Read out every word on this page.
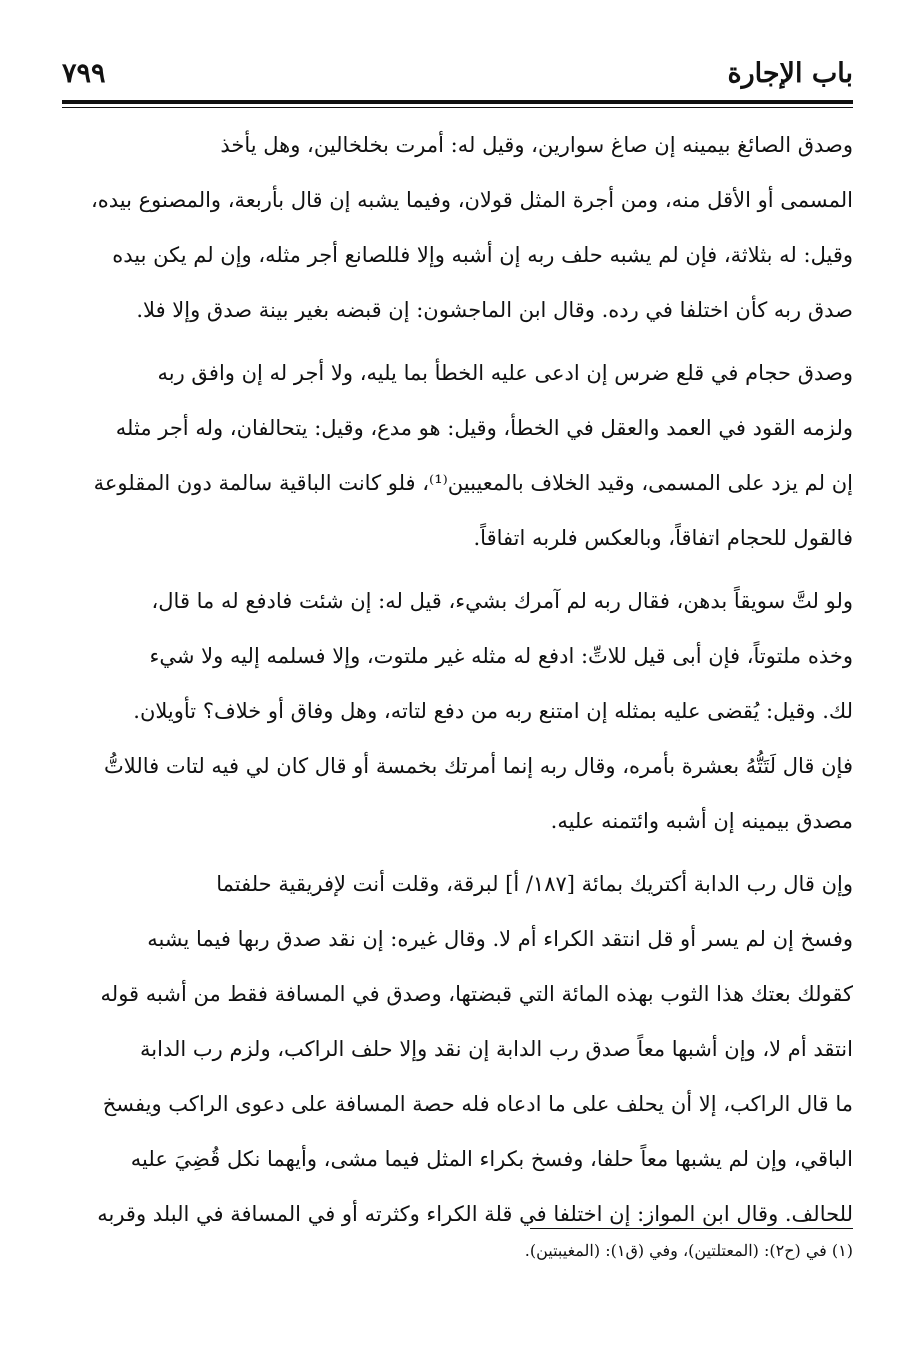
باب الإجارة
٧٩٩
وصدق الصائغ بيمينه إن صاغ سوارين، وقيل له: أمرت بخلخالين، وهل يأخذ
المسمى أو الأقل منه، ومن أجرة المثل قولان، وفيما يشبه إن قال بأربعة، والمصنوع بيده،
وقيل: له بثلاثة، فإن لم يشبه حلف ربه إن أشبه وإلا فللصانع أجر مثله، وإن لم يكن بيده
صدق ربه كأن اختلفا في رده. وقال ابن الماجشون: إن قبضه بغير بينة صدق وإلا فلا.
وصدق حجام في قلع ضرس إن ادعى عليه الخطأ بما يليه، ولا أجر له إن وافق ربه
ولزمه القود في العمد والعقل في الخطأ، وقيل: هو مدع، وقيل: يتحالفان، وله أجر مثله
إن لم يزد على المسمى، وقيد الخلاف بالمعيبين⁽¹⁾، فلو كانت الباقية سالمة دون المقلوعة
فالقول للحجام اتفاقاً، وبالعكس فلربه اتفاقاً.
ولو لتَّ سويقاً بدهن، فقال ربه لم آمرك بشيء، قيل له: إن شئت فادفع له ما قال،
وخذه ملتوتاً، فإن أبى قيل للاتِّ: ادفع له مثله غير ملتوت، وإلا فسلمه إليه ولا شيء
لك. وقيل: يُقضى عليه بمثله إن امتنع ربه من دفع لتاته، وهل وفاق أو خلاف؟ تأويلان.
فإن قال لَتَتُّهُ بعشرة بأمره، وقال ربه إنما أمرتك بخمسة أو قال كان لي فيه لتات فاللاتُّ
مصدق بيمينه إن أشبه وائتمنه عليه.
وإن قال رب الدابة أكتريك بمائة [١٨٧/ أ] لبرقة، وقلت أنت لإفريقية حلفتما
وفسخ إن لم يسر أو قل انتقد الكراء أم لا. وقال غيره: إن نقد صدق ربها فيما يشبه
كقولك بعتك هذا الثوب بهذه المائة التي قبضتها، وصدق في المسافة فقط من أشبه قوله
انتقد أم لا، وإن أشبها معاً صدق رب الدابة إن نقد وإلا حلف الراكب، ولزم رب الدابة
ما قال الراكب، إلا أن يحلف على ما ادعاه فله حصة المسافة على دعوى الراكب ويفسخ
الباقي، وإن لم يشبها معاً حلفا، وفسخ بكراء المثل فيما مشى، وأيهما نكل قُضِيَ عليه
للحالف. وقال ابن المواز: إن اختلفا في قلة الكراء وكثرته أو في المسافة في البلد وقربه
(١) في (ح٢): (المعتلتين)، وفي (ق١): (المغيبتين).
